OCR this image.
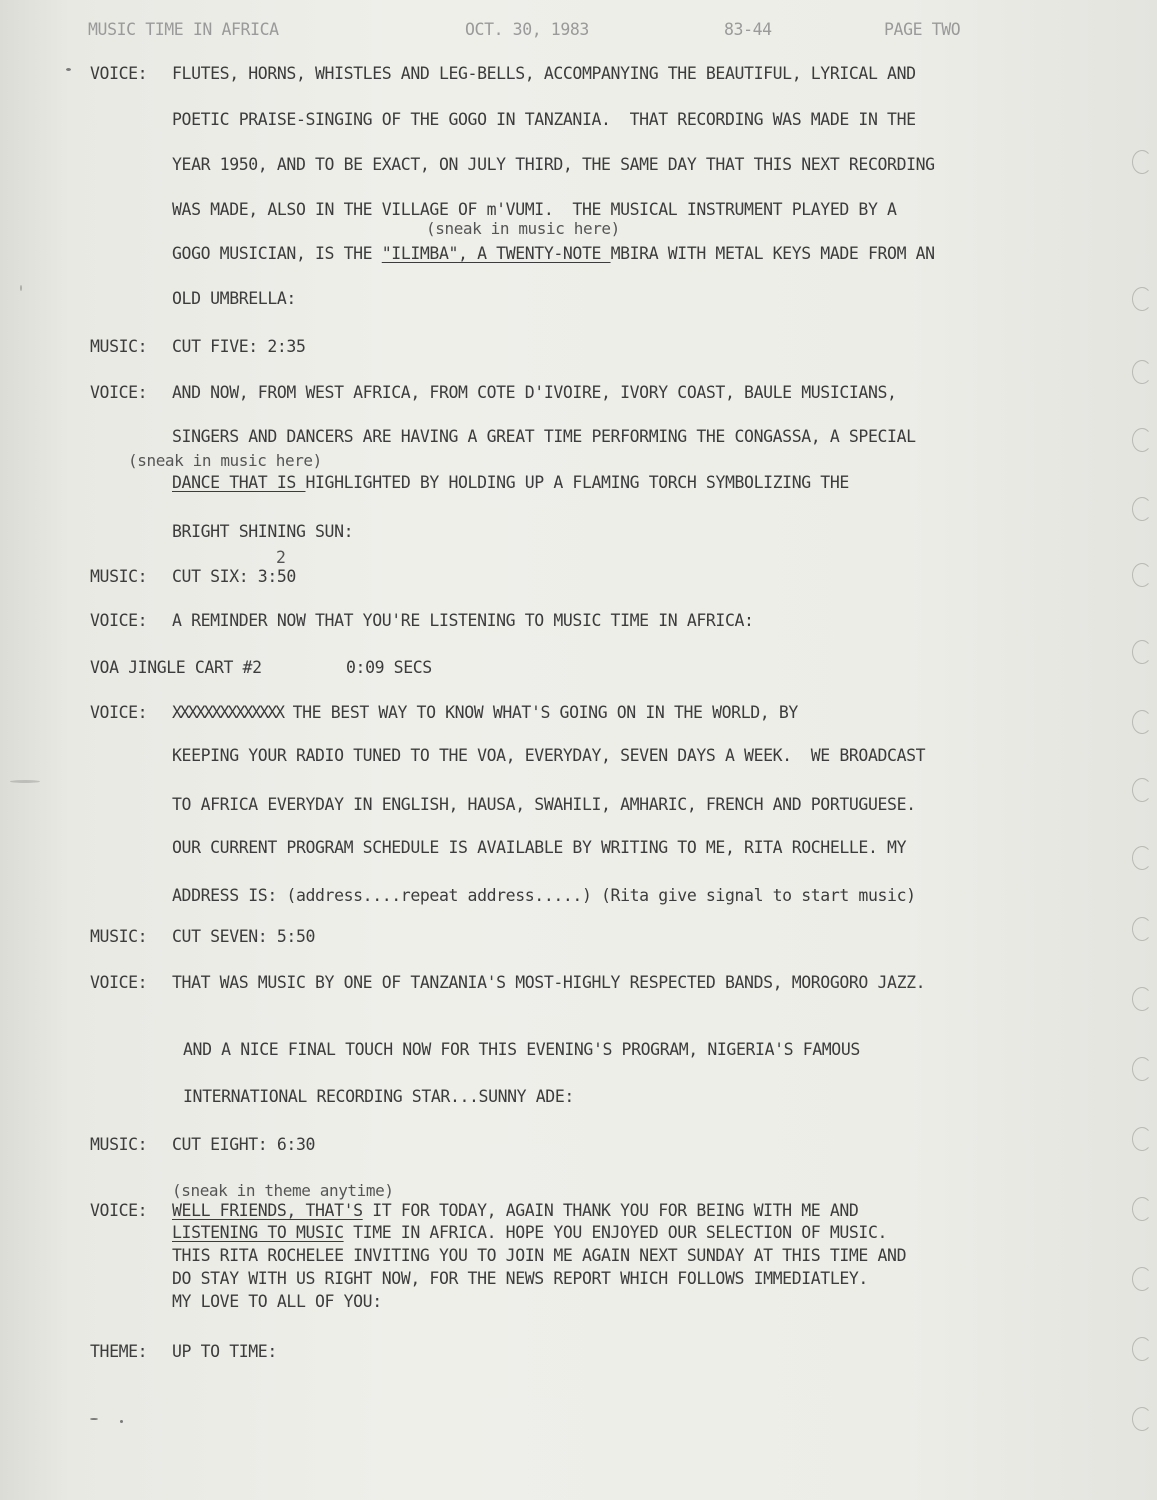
MUSIC TIME IN AFRICA	OCT. 30, 1983	83-44	PAGE TWO
VOICE: FLUTES, HORNS, WHISTLES AND LEG-BELLS, ACCOMPANYING THE BEAUTIFUL, LYRICAL AND
POETIC PRAISE-SINGING OF THE GOGO IN TANZANIA.  THAT RECORDING WAS MADE IN THE
YEAR 1950, AND TO BE EXACT, ON JULY THIRD, THE SAME DAY THAT THIS NEXT RECORDING
WAS MADE, ALSO IN THE VILLAGE OF m'VUMI.  THE MUSICAL INSTRUMENT PLAYED BY A
(sneak in music here)
GOGO MUSICIAN, IS THE "ILIMBA", A TWENTY-NOTE MBIRA WITH METAL KEYS MADE FROM AN
OLD UMBRELLA:
MUSIC: CUT FIVE: 2:35
VOICE: AND NOW, FROM WEST AFRICA, FROM COTE D'IVOIRE, IVORY COAST, BAULE MUSICIANS,
SINGERS AND DANCERS ARE HAVING A GREAT TIME PERFORMING THE CONGASSA, A SPECIAL
(sneak in music here)
DANCE THAT IS HIGHLIGHTED BY HOLDING UP A FLAMING TORCH SYMBOLIZING THE
BRIGHT SHINING SUN:
2
MUSIC: CUT SIX: 3:50
VOICE: A REMINDER NOW THAT YOU'RE LISTENING TO MUSIC TIME IN AFRICA:
VOA JINGLE CART #2	0:09 SECS
VOICE: XXXXXXXXXXXXXX THE BEST WAY TO KNOW WHAT'S GOING ON IN THE WORLD, BY
KEEPING YOUR RADIO TUNED TO THE VOA, EVERYDAY, SEVEN DAYS A WEEK.  WE BROADCAST
TO AFRICA EVERYDAY IN ENGLISH, HAUSA, SWAHILI, AMHARIC, FRENCH AND PORTUGUESE.
OUR CURRENT PROGRAM SCHEDULE IS AVAILABLE BY WRITING TO ME, RITA ROCHELLE. MY
ADDRESS IS: (address....repeat address.....) (Rita give signal to start music)
MUSIC: CUT SEVEN: 5:50
VOICE: THAT WAS MUSIC BY ONE OF TANZANIA'S MOST-HIGHLY RESPECTED BANDS, MOROGORO JAZZ.
AND A NICE FINAL TOUCH NOW FOR THIS EVENING'S PROGRAM, NIGERIA'S FAMOUS
INTERNATIONAL RECORDING STAR...SUNNY ADE:
MUSIC: CUT EIGHT: 6:30
(sneak in theme anytime)
VOICE: WELL FRIENDS, THAT'S IT FOR TODAY, AGAIN THANK YOU FOR BEING WITH ME AND
LISTENING TO MUSIC TIME IN AFRICA. HOPE YOU ENJOYED OUR SELECTION OF MUSIC.
THIS RITA ROCHELEE INVITING YOU TO JOIN ME AGAIN NEXT SUNDAY AT THIS TIME AND
DO STAY WITH US RIGHT NOW, FOR THE NEWS REPORT WHICH FOLLOWS IMMEDIATLEY.
MY LOVE TO ALL OF YOU:
THEME: UP TO TIME:
